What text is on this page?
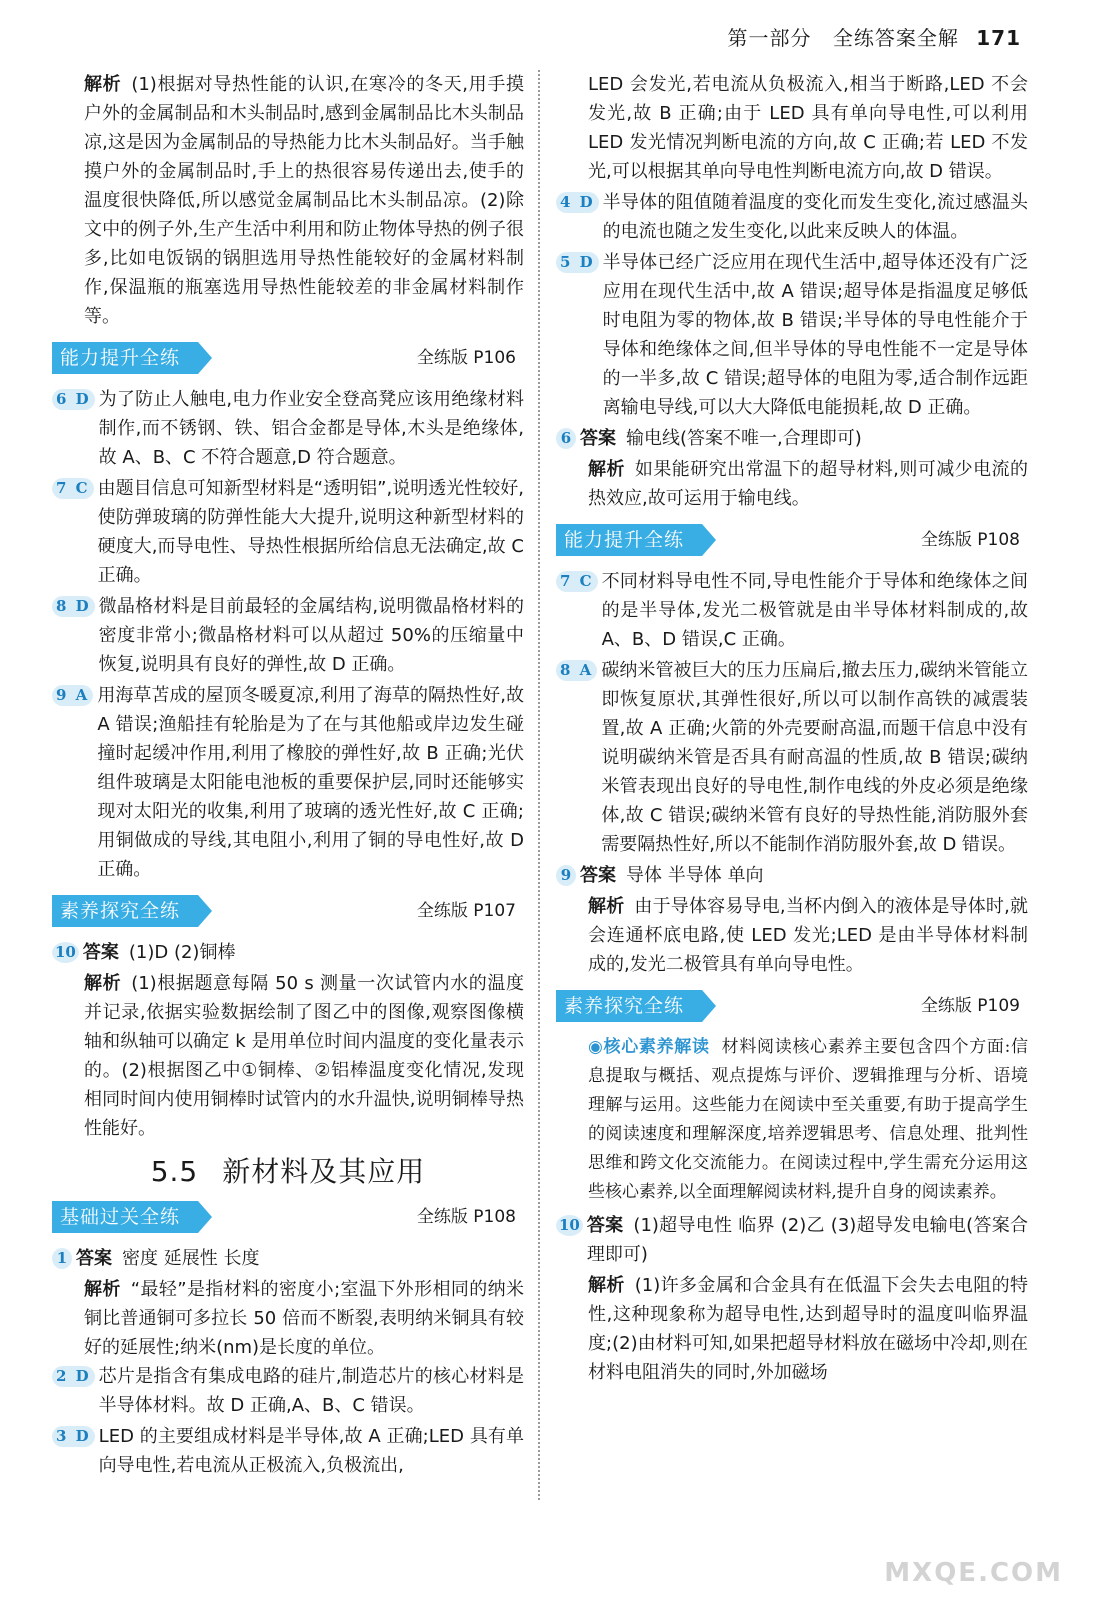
第一部分 全练答案全解 171
解析 (1)根据对导热性能的认识,在寒冷的冬天,用手摸户外的金属制品和木头制品时,感到金属制品比木头制品凉,这是因为金属制品的导热能力比木头制品好。当手触摸户外的金属制品时,手上的热很容易传递出去,使手的温度很快降低,所以感觉金属制品比木头制品凉。(2)除文中的例子外,生产生活中利用和防止物体导热的例子很多,比如电饭锅的锅胆选用导热性能较好的金属材料制作,保温瓶的瓶塞选用导热性能较差的非金属材料制作等。
能力提升全练	全练版 P106
6 D 为了防止人触电,电力作业安全登高凳应该用绝缘材料制作,而不锈钢、铁、铝合金都是导体,木头是绝缘体,故 A、B、C 不符合题意,D 符合题意。
7 C 由题目信息可知新型材料是“透明铝”,说明透光性较好,使防弹玻璃的防弹性能大大提升,说明这种新型材料的硬度大,而导电性、导热性根据所给信息无法确定,故 C 正确。
8 D 微晶格材料是目前最轻的金属结构,说明微晶格材料的密度非常小;微晶格材料可以从超过 50%的压缩量中恢复,说明具有良好的弹性,故 D 正确。
9 A 用海草苫成的屋顶冬暖夏凉,利用了海草的隔热性好,故 A 错误;渔船挂有轮胎是为了在与其他船或岸边发生碰撞时起缓冲作用,利用了橡胶的弹性好,故 B 正确;光伏组件玻璃是太阳能电池板的重要保护层,同时还能够实现对太阳光的收集,利用了玻璃的透光性好,故 C 正确;用铜做成的导线,其电阻小,利用了铜的导电性好,故 D 正确。
素养探究全练	全练版 P107
10 答案 (1)D (2)铜棒
解析 (1)根据题意每隔 50 s 测量一次试管内水的温度并记录,依据实验数据绘制了图乙中的图像,观察图像横轴和纵轴可以确定 k 是用单位时间内温度的变化量表示的。(2)根据图乙中①铜棒、②铝棒温度变化情况,发现相同时间内使用铜棒时试管内的水升温快,说明铜棒导热性能好。
5.5 新材料及其应用
基础过关全练	全练版 P108
1 答案 密度 延展性 长度
解析 “最轻”是指材料的密度小;室温下外形相同的纳米铜比普通铜可多拉长 50 倍而不断裂,表明纳米铜具有较好的延展性;纳米(nm)是长度的单位。
2 D 芯片是指含有集成电路的硅片,制造芯片的核心材料是半导体材料。故 D 正确,A、B、C 错误。
3 D LED 的主要组成材料是半导体,故 A 正确;LED 具有单向导电性,若电流从正极流入,负极流出,
LED 会发光,若电流从负极流入,相当于断路,LED 不会发光,故 B 正确;由于 LED 具有单向导电性,可以利用 LED 发光情况判断电流的方向,故 C 正确;若 LED 不发光,可以根据其单向导电性判断电流方向,故 D 错误。
4 D 半导体的阻值随着温度的变化而发生变化,流过感温头的电流也随之发生变化,以此来反映人的体温。
5 D 半导体已经广泛应用在现代生活中,超导体还没有广泛应用在现代生活中,故 A 错误;超导体是指温度足够低时电阻为零的物体,故 B 错误;半导体的导电性能介于导体和绝缘体之间,但半导体的导电性能不一定是导体的一半多,故 C 错误;超导体的电阻为零,适合制作远距离输电导线,可以大大降低电能损耗,故 D 正确。
6 答案 输电线(答案不唯一,合理即可)
解析 如果能研究出常温下的超导材料,则可减少电流的热效应,故可运用于输电线。
能力提升全练	全练版 P108
7 C 不同材料导电性不同,导电性能介于导体和绝缘体之间的是半导体,发光二极管就是由半导体材料制成的,故 A、B、D 错误,C 正确。
8 A 碳纳米管被巨大的压力压扁后,撤去压力,碳纳米管能立即恢复原状,其弹性很好,所以可以制作高铁的减震装置,故 A 正确;火箭的外壳要耐高温,而题干信息中没有说明碳纳米管是否具有耐高温的性质,故 B 错误;碳纳米管表现出良好的导电性,制作电线的外皮必须是绝缘体,故 C 错误;碳纳米管有良好的导热性能,消防服外套需要隔热性好,所以不能制作消防服外套,故 D 错误。
9 答案 导体 半导体 单向
解析 由于导体容易导电,当杯内倒入的液体是导体时,就会连通杯底电路,使 LED 发光;LED 是由半导体材料制成的,发光二极管具有单向导电性。
素养探究全练	全练版 P109
◉核心素养解读 材料阅读核心素养主要包含四个方面:信息提取与概括、观点提炼与评价、逻辑推理与分析、语境理解与运用。这些能力在阅读中至关重要,有助于提高学生的阅读速度和理解深度,培养逻辑思考、信息处理、批判性思维和跨文化交流能力。在阅读过程中,学生需充分运用这些核心素养,以全面理解阅读材料,提升自身的阅读素养。
10 答案 (1)超导电性 临界 (2)乙 (3)超导发电输电(答案合理即可)
解析 (1)许多金属和合金具有在低温下会失去电阻的特性,这种现象称为超导电性,达到超导时的温度叫临界温度;(2)由材料可知,如果把超导材料放在磁场中冷却,则在材料电阻消失的同时,外加磁场
MXQE.COM
